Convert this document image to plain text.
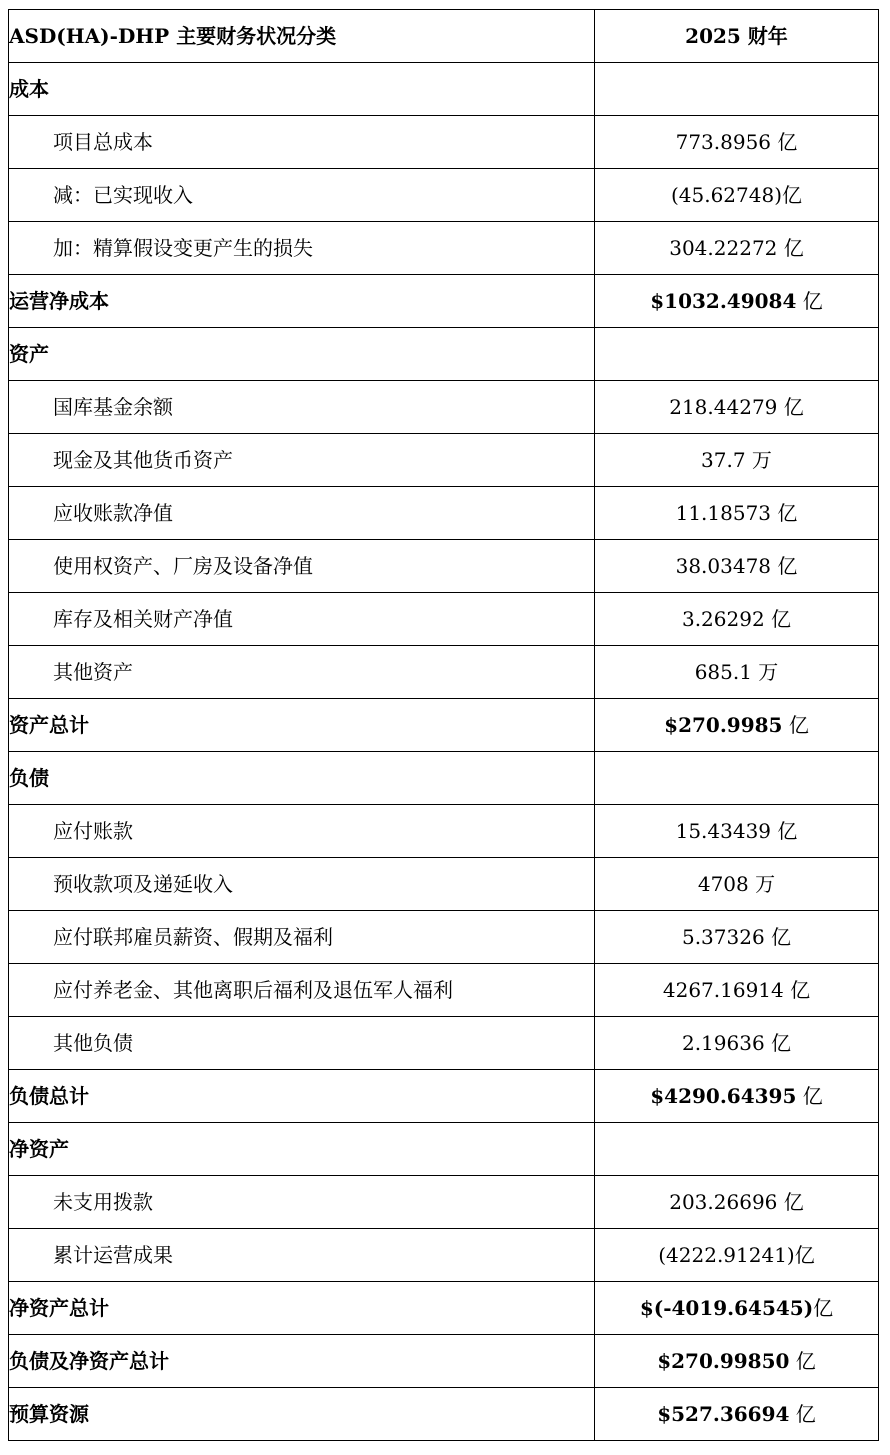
ASD(HA)-DHP 主要财务状况分类	2025 财年
成本	
项目总成本	773.8956 亿
减：已实现收入	(45.62748)亿
加：精算假设变更产生的损失	304.22272 亿
运营净成本	$1032.49084 亿
资产	
国库基金余额	218.44279 亿
现金及其他货币资产	37.7 万
应收账款净值	11.18573 亿
使用权资产、厂房及设备净值	38.03478 亿
库存及相关财产净值	3.26292 亿
其他资产	685.1 万
资产总计	$270.9985 亿
负债	
应付账款	15.43439 亿
预收款项及递延收入	4708 万
应付联邦雇员薪资、假期及福利	5.37326 亿
应付养老金、其他离职后福利及退伍军人福利	4267.16914 亿
其他负债	2.19636 亿
负债总计	$4290.64395 亿
净资产	
未支用拨款	203.26696 亿
累计运营成果	(4222.91241)亿
净资产总计	$(-4019.64545)亿
负债及净资产总计	$270.99850 亿
预算资源	$527.36694 亿
